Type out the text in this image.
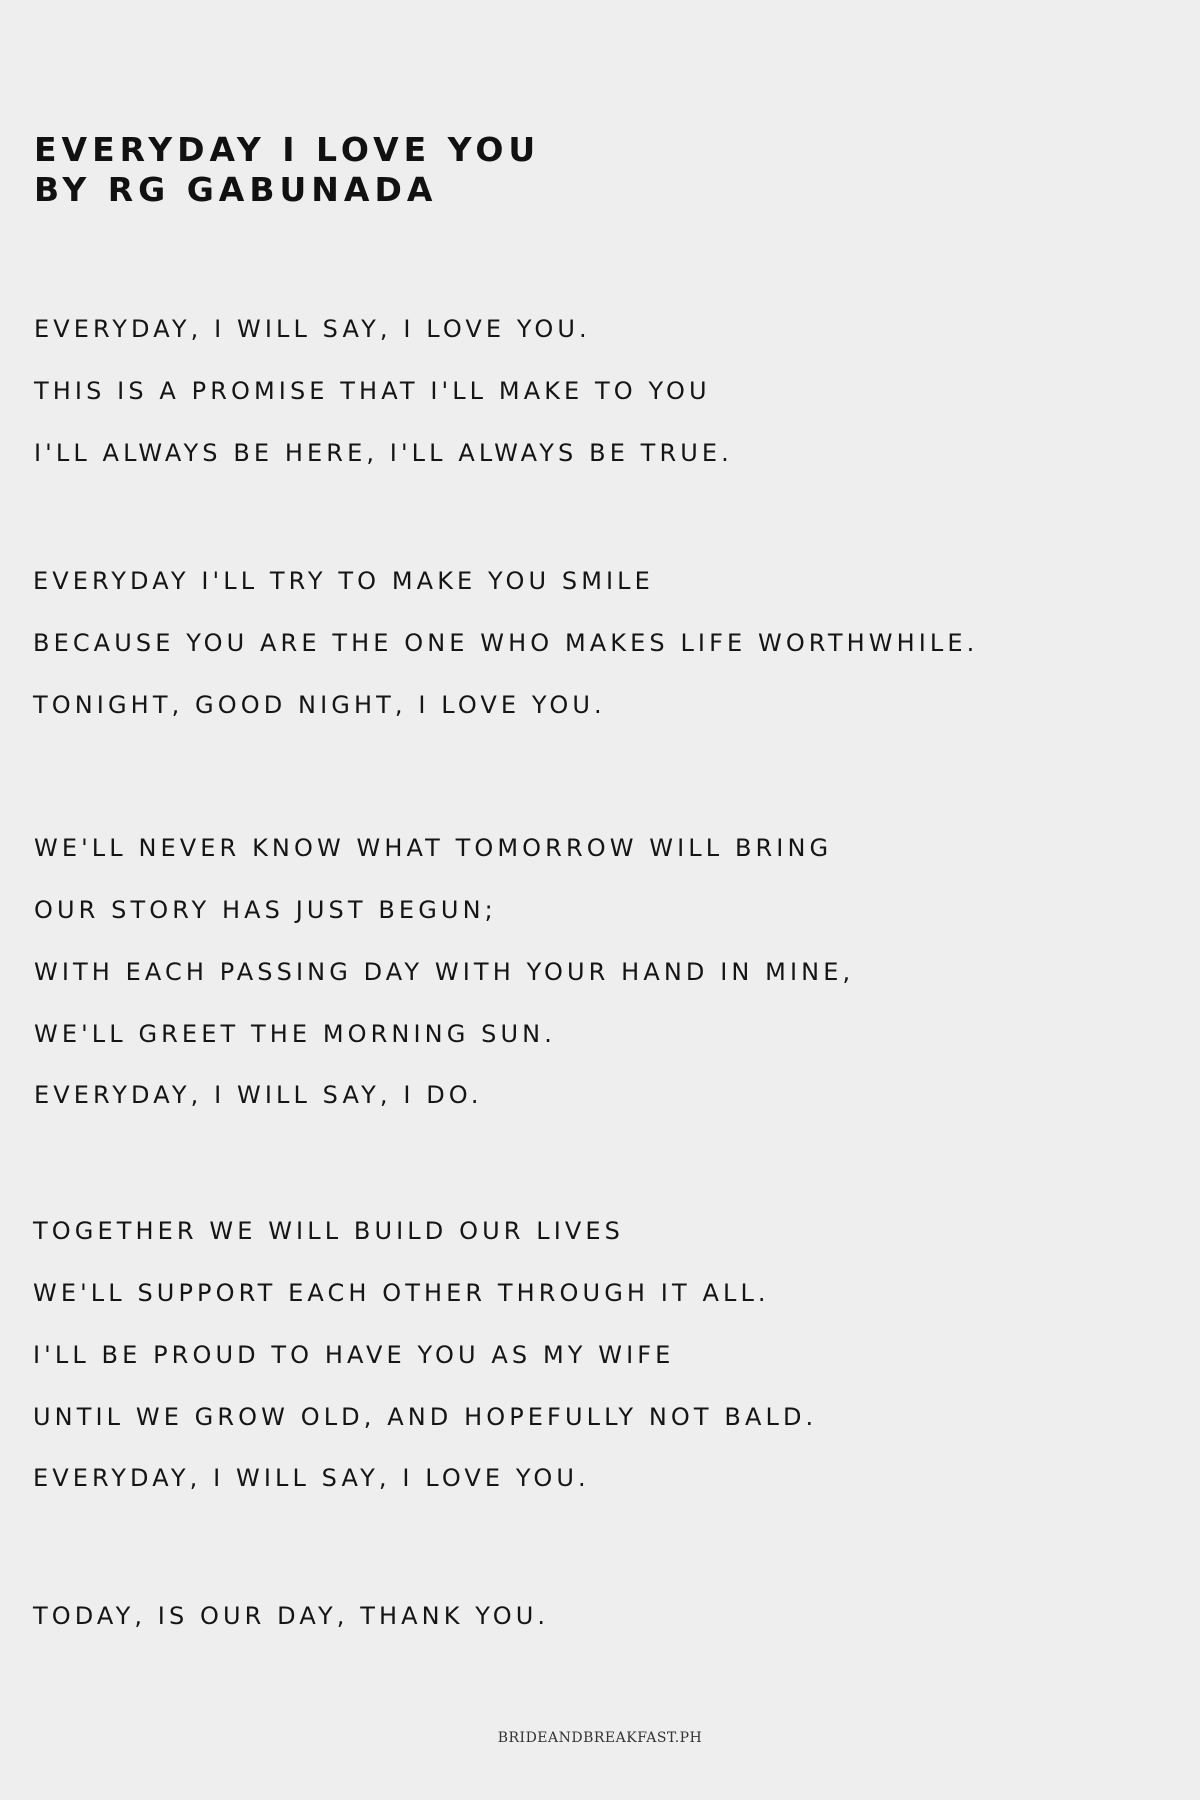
EVERYDAY I LOVE YOU
BY RG GABUNADA

EVERYDAY, I WILL SAY, I LOVE YOU.

THIS IS A PROMISE THAT I'LL MAKE TO YOU

I'LL ALWAYS BE HERE, I'LL ALWAYS BE TRUE.

EVERYDAY I'LL TRY TO MAKE YOU SMILE

BECAUSE YOU ARE THE ONE WHO MAKES LIFE WORTHWHILE.

TONIGHT, GOOD NIGHT, I LOVE YOU.

WE'LL NEVER KNOW WHAT TOMORROW WILL BRING

OUR STORY HAS JUST BEGUN;

WITH EACH PASSING DAY WITH YOUR HAND IN MINE,

WE'LL GREET THE MORNING SUN.

EVERYDAY, I WILL SAY, I DO.

TOGETHER WE WILL BUILD OUR LIVES

WE'LL SUPPORT EACH OTHER THROUGH IT ALL.

I'LL BE PROUD TO HAVE YOU AS MY WIFE

UNTIL WE GROW OLD, AND HOPEFULLY NOT BALD.

EVERYDAY, I WILL SAY, I LOVE YOU.

TODAY, IS OUR DAY, THANK YOU.

BRIDEANDBREAKFAST.PH
